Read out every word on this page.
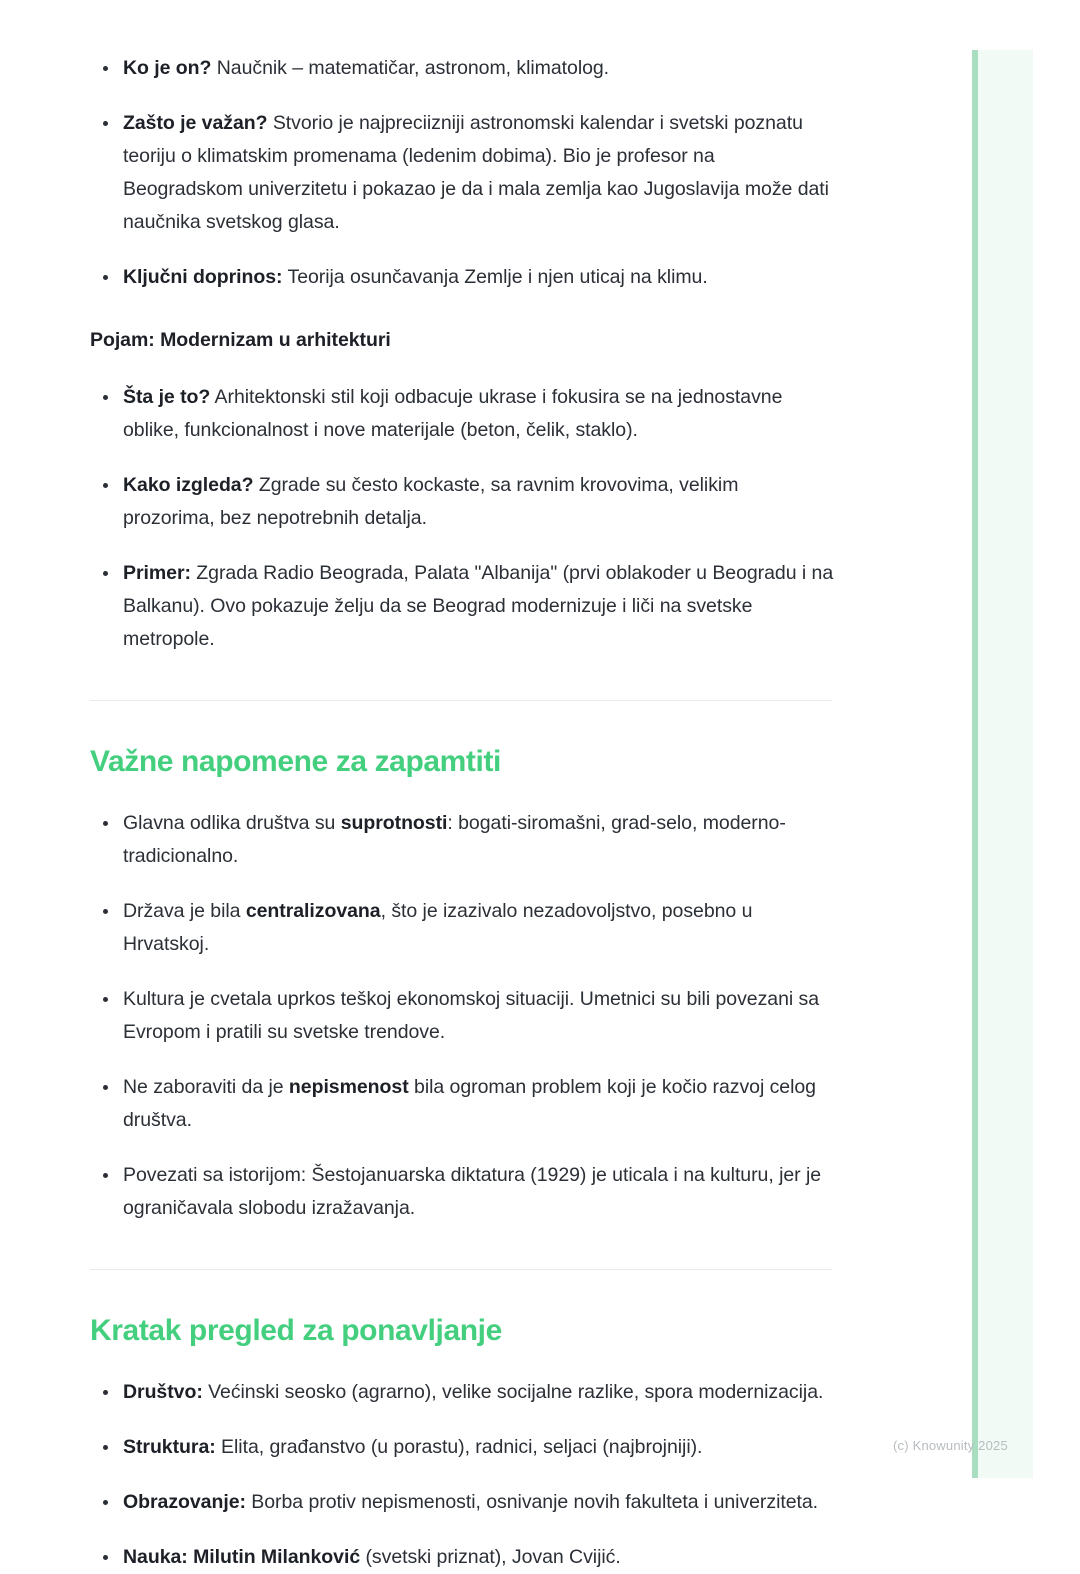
(c) Knowunity 2025
Ko je on? Naučnik – matematičar, astronom, klimatolog.
Zašto je važan? Stvorio je najpreciizniji astronomski kalendar i svetski poznatu teoriju o klimatskim promenama (ledenim dobima). Bio je profesor na Beogradskom univerzitetu i pokazao je da i mala zemlja kao Jugoslavija može dati naučnika svetskog glasa.
Ključni doprinos: Teorija osunčavanja Zemlje i njen uticaj na klimu.
Pojam: Modernizam u arhitekturi
Šta je to? Arhitektonski stil koji odbacuje ukrase i fokusira se na jednostavne oblike, funkcionalnost i nove materijale (beton, čelik, staklo).
Kako izgleda? Zgrade su često kockaste, sa ravnim krovovima, velikim prozorima, bez nepotrebnih detalja.
Primer: Zgrada Radio Beograda, Palata "Albanija" (prvi oblakoder u Beogradu i na Balkanu). Ovo pokazuje želju da se Beograd modernizuje i liči na svetske metropole.
Važne napomene za zapamtiti
Glavna odlika društva su suprotnosti: bogati-siromašni, grad-selo, moderno-tradicionalno.
Država je bila centralizovana, što je izazivalo nezadovoljstvo, posebno u Hrvatskoj.
Kultura je cvetala uprkos teškoj ekonomskoj situaciji. Umetnici su bili povezani sa Evropom i pratili su svetske trendove.
Ne zaboraviti da je nepismenost bila ogroman problem koji je kočio razvoj celog društva.
Povezati sa istorijom: Šestojanuarska diktatura (1929) je uticala i na kulturu, jer je ograničavala slobodu izražavanja.
Kratak pregled za ponavljanje
Društvo: Većinski seosko (agrarno), velike socijalne razlike, spora modernizacija.
Struktura: Elita, građanstvo (u porastu), radnici, seljaci (najbrojniji).
Obrazovanje: Borba protiv nepismenosti, osnivanje novih fakulteta i univerziteta.
Nauka: Milutin Milanković (svetski priznat), Jovan Cvijić.
